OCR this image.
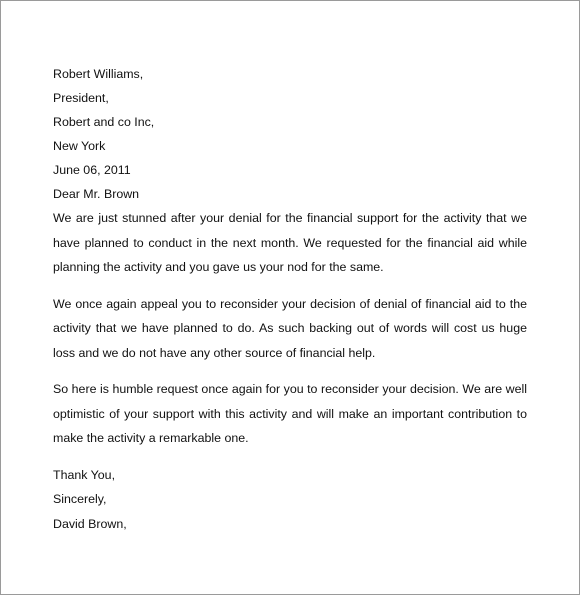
Robert Williams,
President,
Robert and co Inc,
New York
June 06, 2011
Dear Mr. Brown

We are just stunned after your denial for the financial support for the activity that we have planned to conduct in the next month. We requested for the financial aid while planning the activity and you gave us your nod for the same.

We once again appeal you to reconsider your decision of denial of financial aid to the activity that we have planned to do. As such backing out of words will cost us huge loss and we do not have any other source of financial help.

So here is humble request once again for you to reconsider your decision. We are well optimistic of your support with this activity and will make an important contribution to make the activity a remarkable one.

Thank You,
Sincerely,
David Brown,
